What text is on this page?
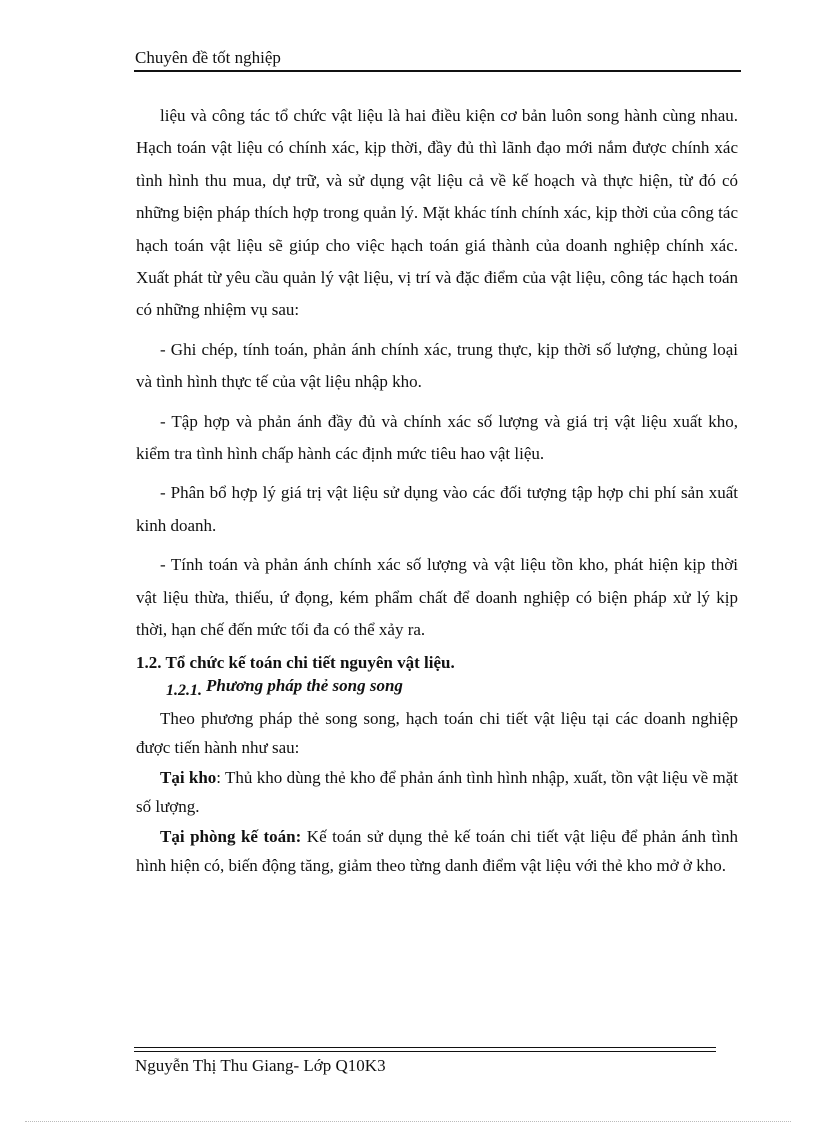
Chuyên đề tốt nghiệp

liệu và công tác tổ chức vật liệu là hai điều kiện cơ bản luôn song hành cùng nhau. Hạch toán vật liệu có chính xác, kịp thời, đầy đủ thì lãnh đạo mới nắm được chính xác tình hình thu mua, dự trữ, và sử dụng vật liệu cả về kế hoạch và thực hiện, từ đó có những biện pháp thích hợp trong quản lý. Mặt khác tính chính xác, kịp thời của công tác hạch toán vật liệu sẽ giúp cho việc hạch toán giá thành của doanh nghiệp chính xác. Xuất phát từ yêu cầu quản lý vật liệu, vị trí và đặc điểm của vật liệu, công tác hạch toán có những nhiệm vụ sau:

- Ghi chép, tính toán, phản ánh chính xác, trung thực, kịp thời số lượng, chủng loại và tình hình thực tế của vật liệu nhập kho.

- Tập hợp và phản ánh đầy đủ và chính xác số lượng và giá trị vật liệu xuất kho, kiểm tra tình hình chấp hành các định mức tiêu hao vật liệu.

- Phân bổ hợp lý giá trị vật liệu sử dụng vào các đối tượng tập hợp chi phí sản xuất kinh doanh.

- Tính toán và phản ánh chính xác số lượng và vật liệu tồn kho, phát hiện kịp thời vật liệu thừa, thiếu, ứ đọng, kém phẩm chất để doanh nghiệp có biện pháp xử lý kịp thời, hạn chế đến mức tối đa có thể xảy ra.

1.2. Tổ chức kế toán chi tiết nguyên vật liệu.
1.2.1. Phương pháp thẻ song song

Theo phương pháp thẻ song song, hạch toán chi tiết vật liệu tại các doanh nghiệp được tiến hành như sau:

Tại kho: Thủ kho dùng thẻ kho để phản ánh tình hình nhập, xuất, tồn vật liệu về mặt số lượng.

Tại phòng kế toán: Kế toán sử dụng thẻ kế toán chi tiết vật liệu để phản ánh tình hình hiện có, biến động tăng, giảm theo từng danh điểm vật liệu với thẻ kho mở ở kho.

Nguyễn Thị Thu Giang- Lớp Q10K3
